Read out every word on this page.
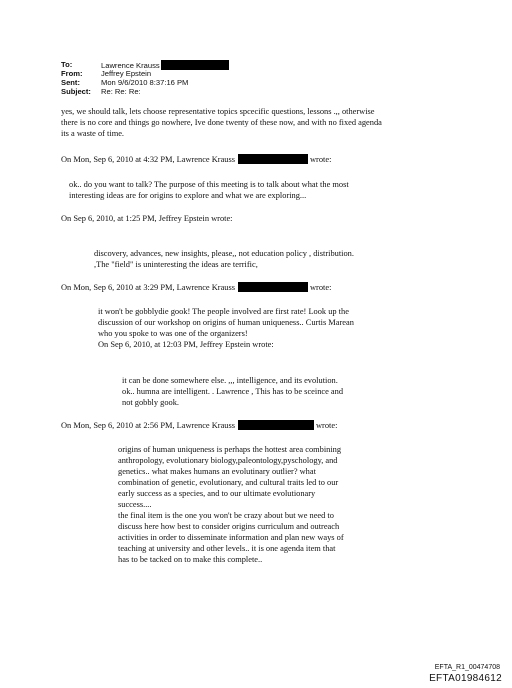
To:	Lawrence Krauss
From: Jeffrey Epstein
Sent:	Mon 9/6/2010 8:37:16 PM
Subject: Re: Re: Re:
yes, we should talk, lets choose representative topics spcecific questions, lessons .,, otherwise
there is no core and things go nowhere, Ive done twenty of these now, and with no fixed agenda
its a waste of time.
On Mon, Sep 6, 2010 at 4:32 PM, Lawrence Krauss	wrote:
ok.. do you want to talk? The purpose of this meeting is to talk about what the most
interesting ideas are for origins to explore and what we are exploring...
On Sep 6, 2010, at 1:25 PM, Jeffrey Epstein wrote:
discovery, advances, new insights, please,, not education policy , distribution.
,The "field" is uninteresting the ideas are terrific,
On Mon, Sep 6, 2010 at 3:29 PM, Lawrence Krauss	wrote:
it won't be gobblydie gook! The people involved are first rate! Look up the
discussion of our workshop on origins of human uniqueness.. Curtis Marean
who you spoke to was one of the organizers!
On Sep 6, 2010, at 12:03 PM, Jeffrey Epstein wrote:
it can be done somewhere else. ,,, intelligence, and its evolution.
ok.. humna are intelligent. . Lawrence , This has to be sceince and
not gobbly gook.
On Mon, Sep 6, 2010 at 2:56 PM, Lawrence Krauss	wrote:
origins of human uniqueness is perhaps the hottest area combining
anthropology, evolutionary biology,paleontology,pyschology, and
genetics.. what makes humans an evolutinary outlier? what
combination of genetic, evolutionary, and cultural traits led to our
early success as a species, and to our ultimate evolutionary
success....
the final item is the one you won't be crazy about but we need to
discuss here how best to consider origins curriculum and outreach
activities in order to disseminate information and plan new ways of
teaching at university and other levels.. it is one agenda item that
has to be tacked on to make this complete..
EFTA_R1_00474708
EFTA01984612
